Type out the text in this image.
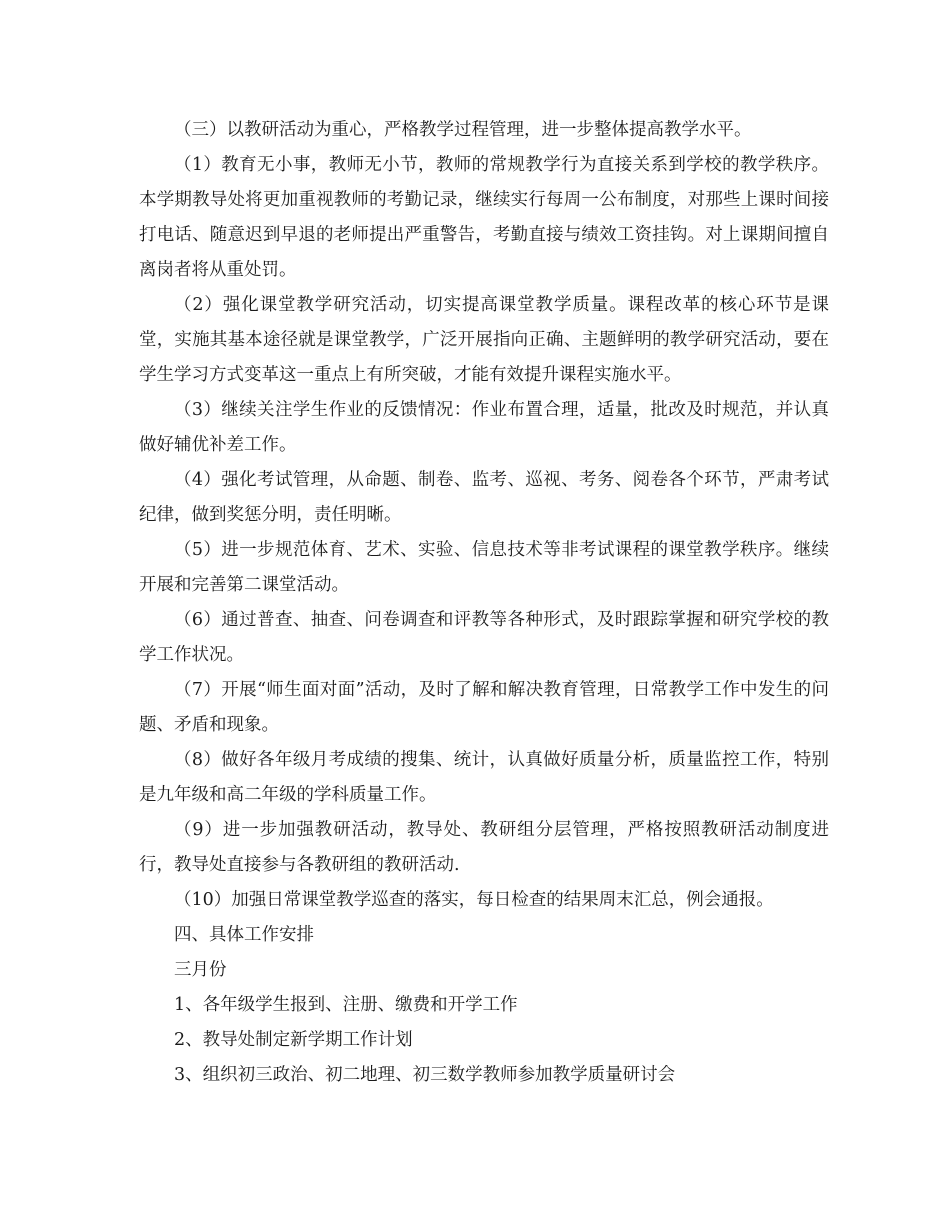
（三）以教研活动为重心，严格教学过程管理，进一步整体提高教学水平。

（1）教育无小事，教师无小节，教师的常规教学行为直接关系到学校的教学秩序。本学期教导处将更加重视教师的考勤记录，继续实行每周一公布制度，对那些上课时间接打电话、随意迟到早退的老师提出严重警告，考勤直接与绩效工资挂钩。对上课期间擅自离岗者将从重处罚。

（2）强化课堂教学研究活动，切实提高课堂教学质量。课程改革的核心环节是课堂，实施其基本途径就是课堂教学，广泛开展指向正确、主题鲜明的教学研究活动，要在学生学习方式变革这一重点上有所突破，才能有效提升课程实施水平。

（3）继续关注学生作业的反馈情况：作业布置合理，适量，批改及时规范，并认真做好辅优补差工作。

（4）强化考试管理，从命题、制卷、监考、巡视、考务、阅卷各个环节，严肃考试纪律，做到奖惩分明，责任明晰。

（5）进一步规范体育、艺术、实验、信息技术等非考试课程的课堂教学秩序。继续开展和完善第二课堂活动。

（6）通过普查、抽查、问卷调查和评教等各种形式，及时跟踪掌握和研究学校的教学工作状况。

（7）开展“师生面对面”活动，及时了解和解决教育管理，日常教学工作中发生的问题、矛盾和现象。

（8）做好各年级月考成绩的搜集、统计，认真做好质量分析，质量监控工作，特别是九年级和高二年级的学科质量工作。

（9）进一步加强教研活动，教导处、教研组分层管理，严格按照教研活动制度进行，教导处直接参与各教研组的教研活动.

（10）加强日常课堂教学巡查的落实，每日检查的结果周末汇总，例会通报。

四、具体工作安排

三月份

1、各年级学生报到、注册、缴费和开学工作

2、教导处制定新学期工作计划

3、组织初三政治、初二地理、初三数学教师参加教学质量研讨会
